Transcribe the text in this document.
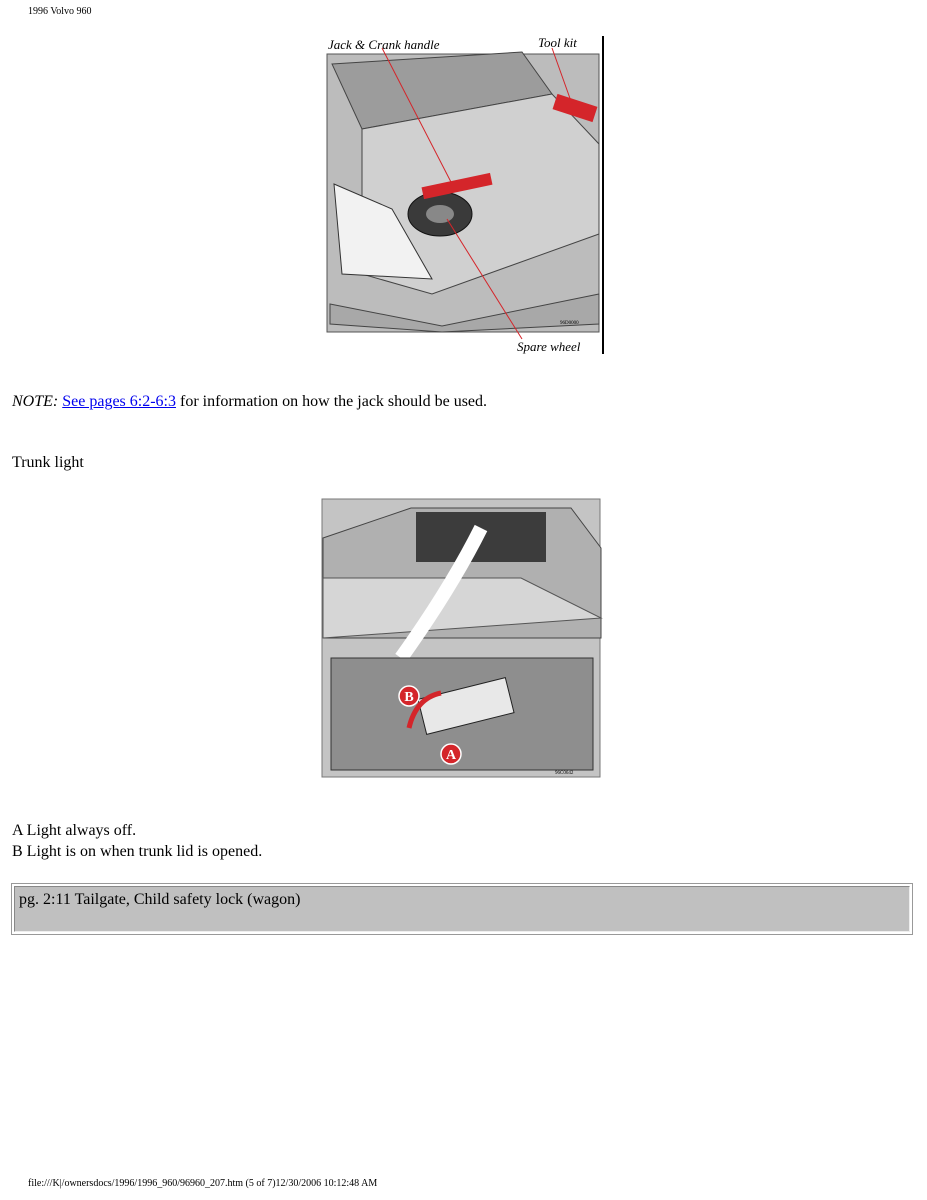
1996 Volvo 960
Jack & Crank handle	Tool kit
Spare wheel
96D0000
NOTE: See pages 6:2-6:3 for information on how the jack should be used.
Trunk light
B
A
96C0642
A Light always off.
B Light is on when trunk lid is opened.
pg. 2:11 Tailgate, Child safety lock (wagon)
file:///K|/ownersdocs/1996/1996_960/96960_207.htm (5 of 7)12/30/2006 10:12:48 AM
